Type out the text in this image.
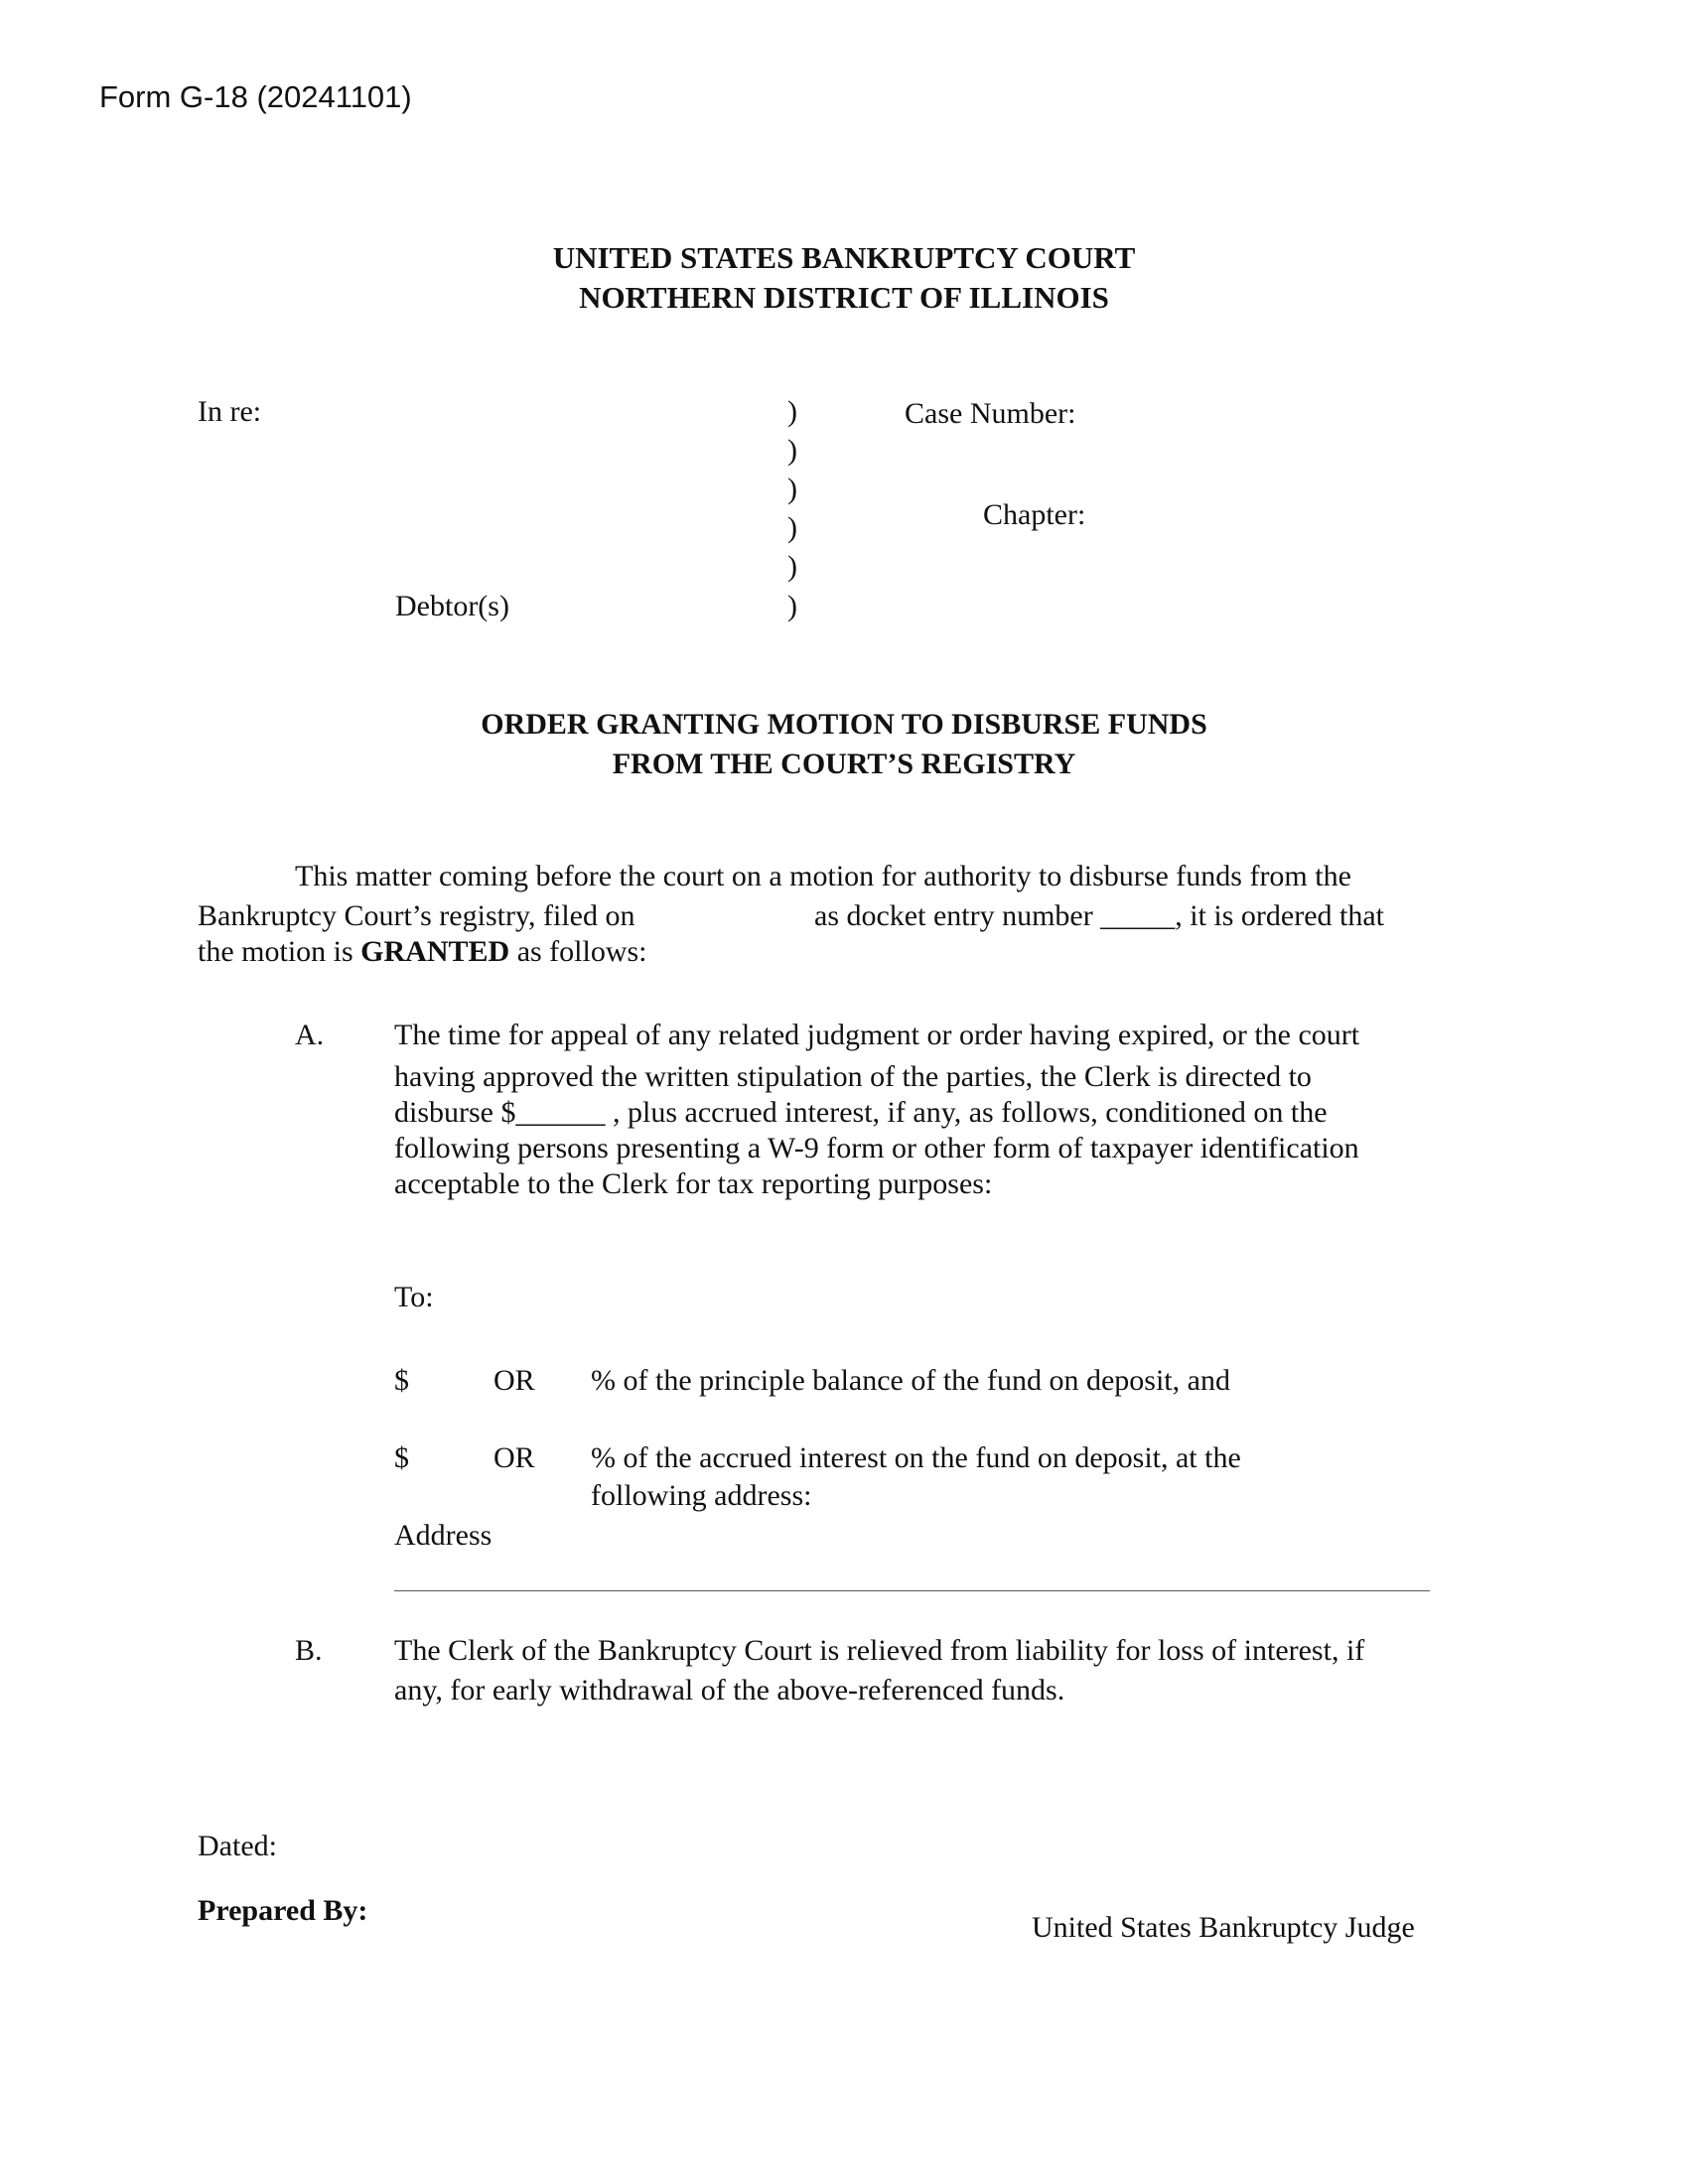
Form G-18 (20241101)
UNITED STATES BANKRUPTCY COURT
NORTHERN DISTRICT OF ILLINOIS
In re:
Debtor(s)
)
)
)
)
)
)
Case Number:
Chapter:
ORDER GRANTING MOTION TO DISBURSE FUNDS
FROM THE COURT’S REGISTRY
This matter coming before the court on a motion for authority to disburse funds from the
Bankruptcy Court’s registry, filed on	as docket entry number _____, it is ordered that
the motion is GRANTED as follows:
A. The time for appeal of any related judgment or order having expired, or the court
having approved the written stipulation of the parties, the Clerk is directed to
disburse $______ , plus accrued interest, if any, as follows, conditioned on the
following persons presenting a W-9 form or other form of taxpayer identification
acceptable to the Clerk for tax reporting purposes:
To:
$	OR % of the principle balance of the fund on deposit, and
$	OR % of the accrued interest on the fund on deposit, at the
following address:
Address
B. The Clerk of the Bankruptcy Court is relieved from liability for loss of interest, if
any, for early withdrawal of the above-referenced funds.
Dated:
Prepared By:
United States Bankruptcy Judge
